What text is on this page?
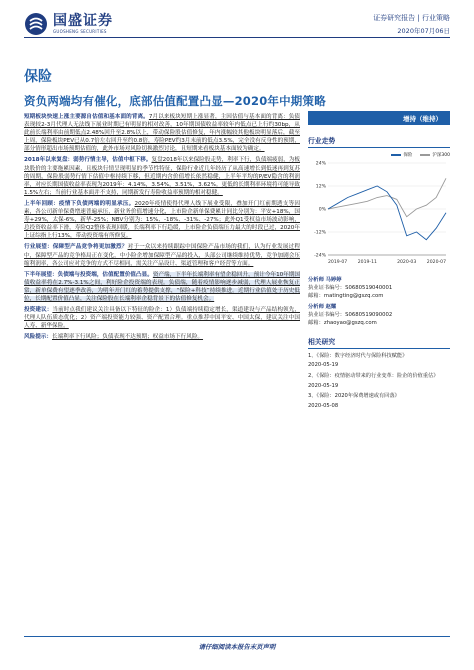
国盛证券
GUOSHENG SECURITIES
证券研究报告 | 行业策略
2020年07月06日
保险
资负两端均有催化，底部估值配置凸显—2020年中期策略

短期板块快速上涨主要源自估值和基本面的背离。7月以来板块短期上涨显著，主因估值与基本面的背离：负债表现较2-3月代理人无法线下展业时期已有明显的相对改善，10年期国债收益率较年内低点已上行约30bp，从此前长端利率由前期低点2.48%回升至2.8%以上，带动保险股估值修复，年内涨幅较其他板块明显落后，截至上周，保险板块PEV已从0.7倍左右回升至约0.8倍，寿险PEV约3月末前的低点3.5%，完全没有反身性的预期，部分情形超出市场预期估值的，此外市场对风险切换激烈讨论，且短期来看板块基本面较为确定。

2018年以来复盘：弱势行情主导，估值中枢下移。复盘2018年以来保险股走势，利率下行，负债端疲弱，为板块股价的主要拖累因素，且板块行情呈现明显的季节性特征，保险行业近几年经历了从高速增长到低迷再到复苏的周期，保险股弱势行情下估值中枢持续下移，但近期内含价值增长依然稳健，上半年平均的P/EV隐含的利润率，对应长期国债收益率表现为2019年：4.14%，3.54%，3.51%，3.62%。更低的长期利率环境将可能导致1.5%左右；当前行业基本面并不支持，同期新发行寿险收益率预期的相对稳健。

上半年回顾：疫情下负债两端的明显承压。2020年疫情使得代理人线下展业受限，叠加开门红前期透支等因素，各公司新单保费增速普遍承压，新业务价值增速分化，上市险企新单保费累计同比分别为：平安+18%，国寿+29%，太保-6%，新华-25%；NBV分别为：15%、-18%、-31%、-27%；此外Q1受权益市场波动影响，总投资收益率下滑，寿险Q2整体表现回暖，长端利率下行趋缓，上市险企负债端压力最大的时段已过，2020年上证综指上行13%，带动投资端有所修复。

行业展望：保障型产品竞争将更加激烈？对于一众以来持续跟踪中国保险产品市场的我们，认为行业发展过程中，保障型产品的竞争格局正在变化，中小险企增加保障型产品的投入，头部公司继续维持优势，竞争加剧会压缩利润率，各公司应对竞争的方式不尽相同，需关注产品设计、渠道管理和客户经营等方面。

下半年展望：负债端与投资端，估值配置价值凸显。资产端，下半年长端利率有望企稳回升，预计今年10年期国债收益率将在2.7%-3.1%之间，利好险企投资端的表现。负债端，随着疫情影响逐步减弱，代理人展业恢复正常，新单保费有望逐季改善，为明年开门红的蓄势提供支撑，“保险+科技”持续推进。近期行业估值处于历史低位，长期配置价值凸显，关注保险股在长端利率企稳背景下的估值修复机会。

投资建议：当前时点我们建议关注具备以下特征的险企：1）负债端持续稳定增长，渠道建设与产品结构领先，代理人队伍质态优化；2）资产端投资能力较强、资产配置合理。重点推荐中国平安、中国太保，建议关注中国人寿、新华保险。

风险提示：长端利率下行风险；负债表现不达预期；权益市场下行风险。

增持（维持）
行业走势
保险	沪深300
24%
12%
0%
-12%
-24%
2019-07 2019-11	2020-03 2020-07
分析师 马婷婷
执业证书编号：S0680519040001
邮箱：matingting@gszq.com
分析师 赵耀
执业证书编号：S0680519090002
邮箱：zhaoyao@gszq.com
相关研究
1、《保险：数字经济时代与保险科技赋能》
2020-05-19
2、《保险：疫情驱动带来的行业变革：险企的价值重估》
2020-05-19
3、《保险：2020年保费增速或有回落》
2020-05-08
请仔细阅读本报告末页声明
